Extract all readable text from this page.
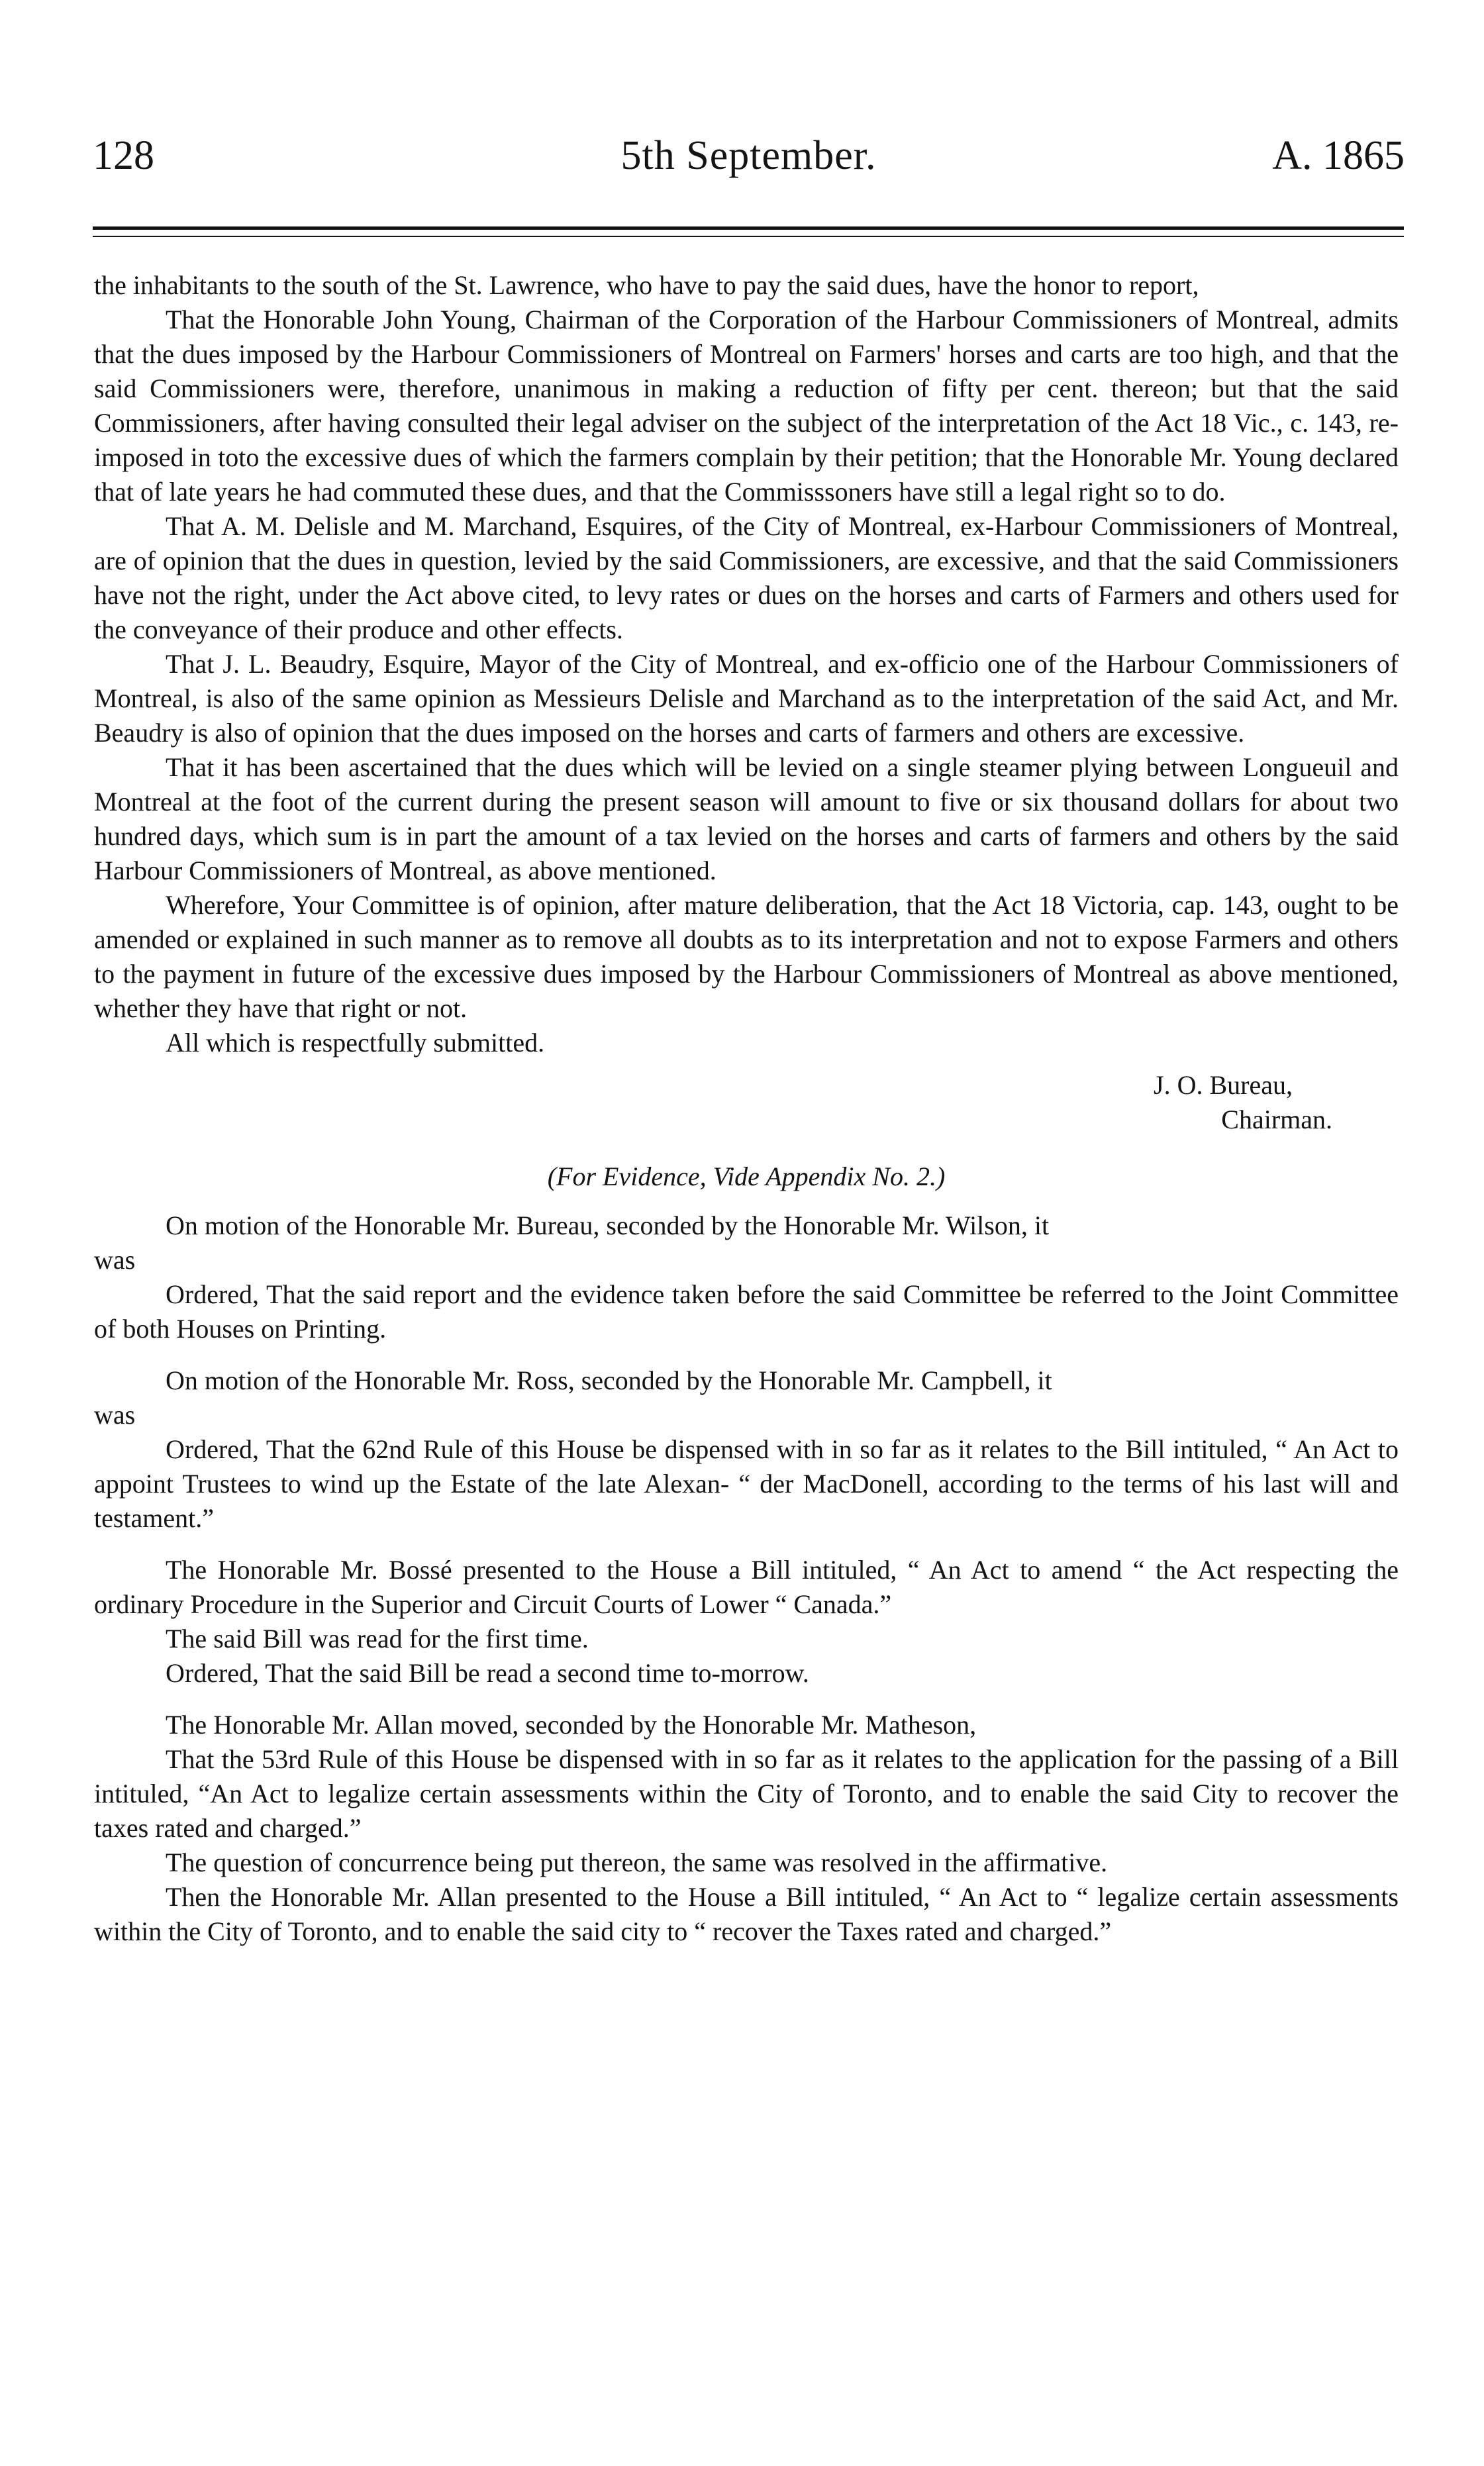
128	5th September.	A. 1865

the inhabitants to the south of the St. Lawrence, who have to pay the said dues, have the honor to report,

That the Honorable John Young, Chairman of the Corporation of the Harbour Commissioners of Montreal, admits that the dues imposed by the Harbour Commissioners of Montreal on Farmers' horses and carts are too high, and that the said Commissioners were, therefore, unanimous in making a reduction of fifty per cent. thereon; but that the said Commissioners, after having consulted their legal adviser on the subject of the interpretation of the Act 18 Vic., c. 143, re-imposed in toto the excessive dues of which the farmers complain by their petition; that the Honorable Mr. Young declared that of late years he had commuted these dues, and that the Commisssoners have still a legal right so to do.

That A. M. Delisle and M. Marchand, Esquires, of the City of Montreal, ex-Harbour Commissioners of Montreal, are of opinion that the dues in question, levied by the said Commissioners, are excessive, and that the said Commissioners have not the right, under the Act above cited, to levy rates or dues on the horses and carts of Farmers and others used for the conveyance of their produce and other effects.

That J. L. Beaudry, Esquire, Mayor of the City of Montreal, and ex-officio one of the Harbour Commissioners of Montreal, is also of the same opinion as Messieurs Delisle and Marchand as to the interpretation of the said Act, and Mr. Beaudry is also of opinion that the dues imposed on the horses and carts of farmers and others are excessive.

That it has been ascertained that the dues which will be levied on a single steamer plying between Longueuil and Montreal at the foot of the current during the present season will amount to five or six thousand dollars for about two hundred days, which sum is in part the amount of a tax levied on the horses and carts of farmers and others by the said Harbour Commissioners of Montreal, as above mentioned.

Wherefore, Your Committee is of opinion, after mature deliberation, that the Act 18 Victoria, cap. 143, ought to be amended or explained in such manner as to remove all doubts as to its interpretation and not to expose Farmers and others to the payment in future of the excessive dues imposed by the Harbour Commissioners of Montreal as above mentioned, whether they have that right or not.

All which is respectfully submitted.

J. O. Bureau,
Chairman.

(For Evidence, Vide Appendix No. 2.)

On motion of the Honorable Mr. Bureau, seconded by the Honorable Mr. Wilson, it

was

Ordered, That the said report and the evidence taken before the said Committee be referred to the Joint Committee of both Houses on Printing.

On motion of the Honorable Mr. Ross, seconded by the Honorable Mr. Campbell, it

was

Ordered, That the 62nd Rule of this House be dispensed with in so far as it relates to the Bill intituled, “ An Act to appoint Trustees to wind up the Estate of the late Alexan- “ der MacDonell, according to the terms of his last will and testament.”

The Honorable Mr. Bossé presented to the House a Bill intituled, “ An Act to amend “ the Act respecting the ordinary Procedure in the Superior and Circuit Courts of Lower “ Canada.”

The said Bill was read for the first time.

Ordered, That the said Bill be read a second time to-morrow.

The Honorable Mr. Allan moved, seconded by the Honorable Mr. Matheson,

That the 53rd Rule of this House be dispensed with in so far as it relates to the application for the passing of a Bill intituled, “An Act to legalize certain assessments within the City of Toronto, and to enable the said City to recover the taxes rated and charged.”

The question of concurrence being put thereon, the same was resolved in the affirmative.

Then the Honorable Mr. Allan presented to the House a Bill intituled, “ An Act to “ legalize certain assessments within the City of Toronto, and to enable the said city to “ recover the Taxes rated and charged.”
